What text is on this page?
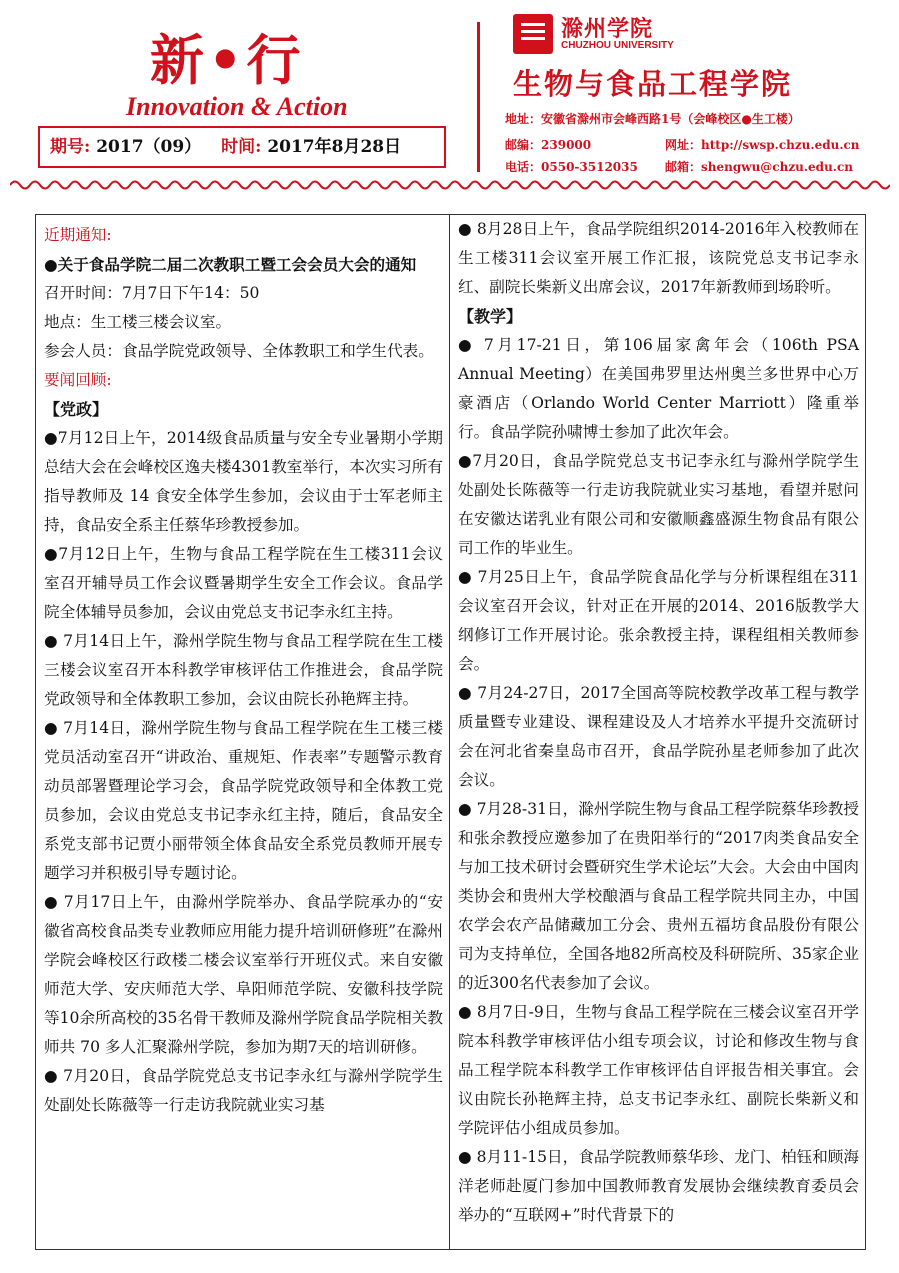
新•行
Innovation & Action
期号: 2017（09） 时间: 2017年8月28日
滁州学院
CHUZHOU UNIVERSITY
生物与食品工程学院
地址：安徽省滁州市会峰西路1号（会峰校区●生工楼）
邮编：239000	网址：http://swsp.chzu.edu.cn
电话：0550-3512035 邮箱：shengwu@chzu.edu.cn

近期通知:

●关于食品学院二届二次教职工暨工会会员大会的通知

召开时间：7月7日下午14：50

地点：生工楼三楼会议室。

参会人员：食品学院党政领导、全体教职工和学生代表。

要闻回顾:

【党政】

●7月12日上午，2014级食品质量与安全专业暑期小学期总结大会在会峰校区逸夫楼4301教室举行，本次实习所有指导教师及 14 食安全体学生参加，会议由于士军老师主持，食品安全系主任蔡华珍教授参加。

●7月12日上午，生物与食品工程学院在生工楼311会议室召开辅导员工作会议暨暑期学生安全工作会议。食品学院全体辅导员参加，会议由党总支书记李永红主持。

● 7月14日上午，滁州学院生物与食品工程学院在生工楼三楼会议室召开本科教学审核评估工作推进会，食品学院党政领导和全体教职工参加，会议由院长孙艳辉主持。

● 7月14日，滁州学院生物与食品工程学院在生工楼三楼党员活动室召开“讲政治、重规矩、作表率”专题警示教育动员部署暨理论学习会，食品学院党政领导和全体教工党员参加，会议由党总支书记李永红主持，随后，食品安全系党支部书记贾小丽带领全体食品安全系党员教师开展专题学习并积极引导专题讨论。

● 7月17日上午，由滁州学院举办、食品学院承办的“安徽省高校食品类专业教师应用能力提升培训研修班”在滁州学院会峰校区行政楼二楼会议室举行开班仪式。来自安徽师范大学、安庆师范大学、阜阳师范学院、安徽科技学院等10余所高校的35名骨干教师及滁州学院食品学院相关教师共 70 多人汇聚滁州学院，参加为期7天的培训研修。

● 7月20日，食品学院党总支书记李永红与滁州学院学生处副处长陈薇等一行走访我院就业实习基

● 8月28日上午，食品学院组织2014-2016年入校教师在生工楼311会议室开展工作汇报，该院党总支书记李永红、副院长柴新义出席会议，2017年新教师到场聆听。

【教学】

● 7月17-21日，第106届家禽年会（106th PSA Annual Meeting）在美国弗罗里达州奥兰多世界中心万豪酒店（Orlando World Center Marriott）隆重举行。食品学院孙啸博士参加了此次年会。

●7月20日，食品学院党总支书记李永红与滁州学院学生处副处长陈薇等一行走访我院就业实习基地，看望并慰问在安徽达诺乳业有限公司和安徽顺鑫盛源生物食品有限公司工作的毕业生。

● 7月25日上午，食品学院食品化学与分析课程组在311会议室召开会议，针对正在开展的2014、2016版教学大纲修订工作开展讨论。张余教授主持，课程组相关教师参会。

● 7月24-27日，2017全国高等院校教学改革工程与教学质量暨专业建设、课程建设及人才培养水平提升交流研讨会在河北省秦皇岛市召开，食品学院孙星老师参加了此次会议。

● 7月28-31日，滁州学院生物与食品工程学院蔡华珍教授和张余教授应邀参加了在贵阳举行的“2017肉类食品安全与加工技术研讨会暨研究生学术论坛”大会。大会由中国肉类协会和贵州大学校酿酒与食品工程学院共同主办，中国农学会农产品储藏加工分会、贵州五福坊食品股份有限公司为支持单位，全国各地82所高校及科研院所、35家企业的近300名代表参加了会议。

● 8月7日-9日，生物与食品工程学院在三楼会议室召开学院本科教学审核评估小组专项会议，讨论和修改生物与食品工程学院本科教学工作审核评估自评报告相关事宜。会议由院长孙艳辉主持，总支书记李永红、副院长柴新义和学院评估小组成员参加。

● 8月11-15日，食品学院教师蔡华珍、龙门、柏钰和顾海洋老师赴厦门参加中国教师教育发展协会继续教育委员会举办的“互联网+”时代背景下的
